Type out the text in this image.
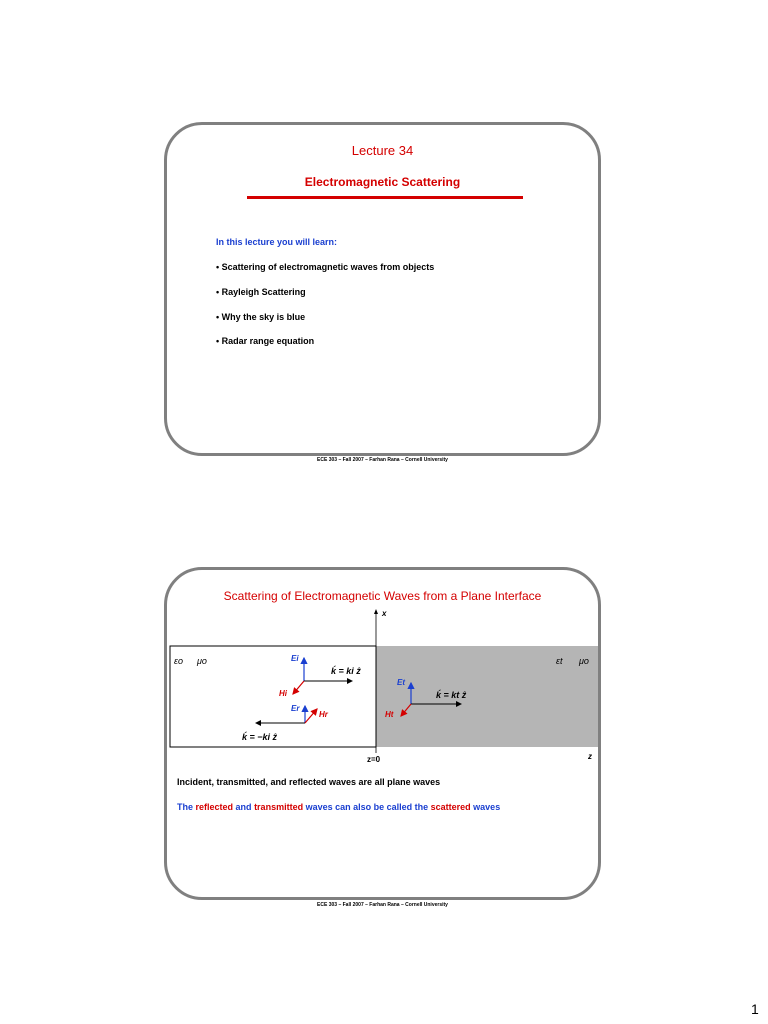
Lecture 34
Electromagnetic Scattering
In this lecture you will learn:
• Scattering of electromagnetic waves from objects
• Rayleigh Scattering
• Why the sky is blue
• Radar range equation
ECE 303 – Fall 2007 – Farhan Rana – Cornell University
Scattering of Electromagnetic Waves from a Plane Interface
x
z=0	z
εo μo	εt μo
Ei
ḱ = ki ẑ
Hi
Er
Hr
ḱ = −ki ẑ
Et
ḱ = kt ẑ
Ht
Incident, transmitted, and reflected waves are all plane waves
The reflected and transmitted waves can also be called the scattered waves
ECE 303 – Fall 2007 – Farhan Rana – Cornell University
1
